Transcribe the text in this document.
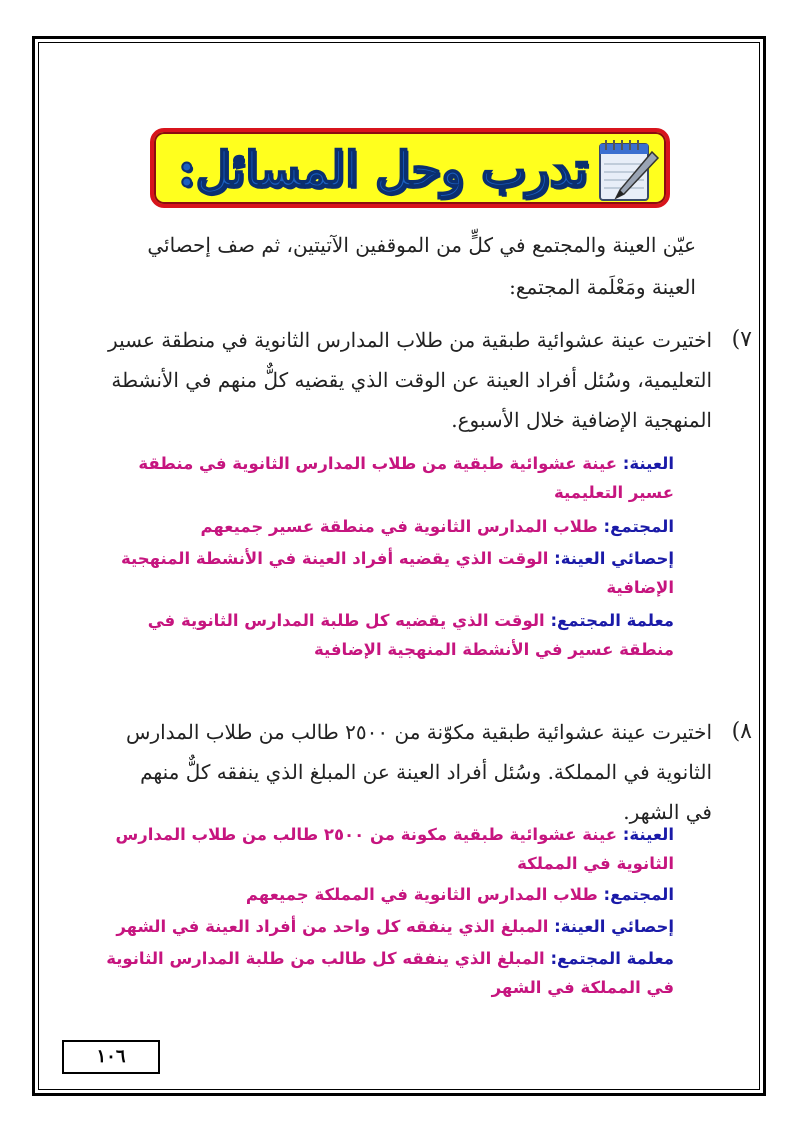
تدرب وحل المسائل:
عيّن العينة والمجتمع في كلٍّ من الموقفين الآتيتين، ثم صف إحصائي
العينة ومَعْلَمة المجتمع:
٧)
اختيرت عينة عشوائية طبقية من طلاب المدارس الثانوية في منطقة عسير
التعليمية، وسُئل أفراد العينة عن الوقت الذي يقضيه كلٌّ منهم في الأنشطة
المنهجية الإضافية خلال الأسبوع.
العينة: عينة عشوائية طبقية من طلاب المدارس الثانوية في منطقة عسير التعليمية
المجتمع: طلاب المدارس الثانوية في منطقة عسير جميعهم
إحصائي العينة: الوقت الذي يقضيه أفراد العينة في الأنشطة المنهجية الإضافية
معلمة المجتمع: الوقت الذي يقضيه كل طلبة المدارس الثانوية في منطقة عسير في الأنشطة المنهجية الإضافية
٨)
اختيرت عينة عشوائية طبقية مكوّنة من ٢٥٠٠ طالب من طلاب المدارس
الثانوية في المملكة. وسُئل أفراد العينة عن المبلغ الذي ينفقه كلٌّ منهم
في الشهر.
العينة: عينة عشوائية طبقية مكونة من ٢٥٠٠ طالب من طلاب المدارس الثانوية في المملكة
المجتمع: طلاب المدارس الثانوية في المملكة جميعهم
إحصائي العينة: المبلغ الذي ينفقه كل واحد من أفراد العينة في الشهر
معلمة المجتمع: المبلغ الذي ينفقه كل طالب من طلبة المدارس الثانوية في المملكة في الشهر
١٠٦
